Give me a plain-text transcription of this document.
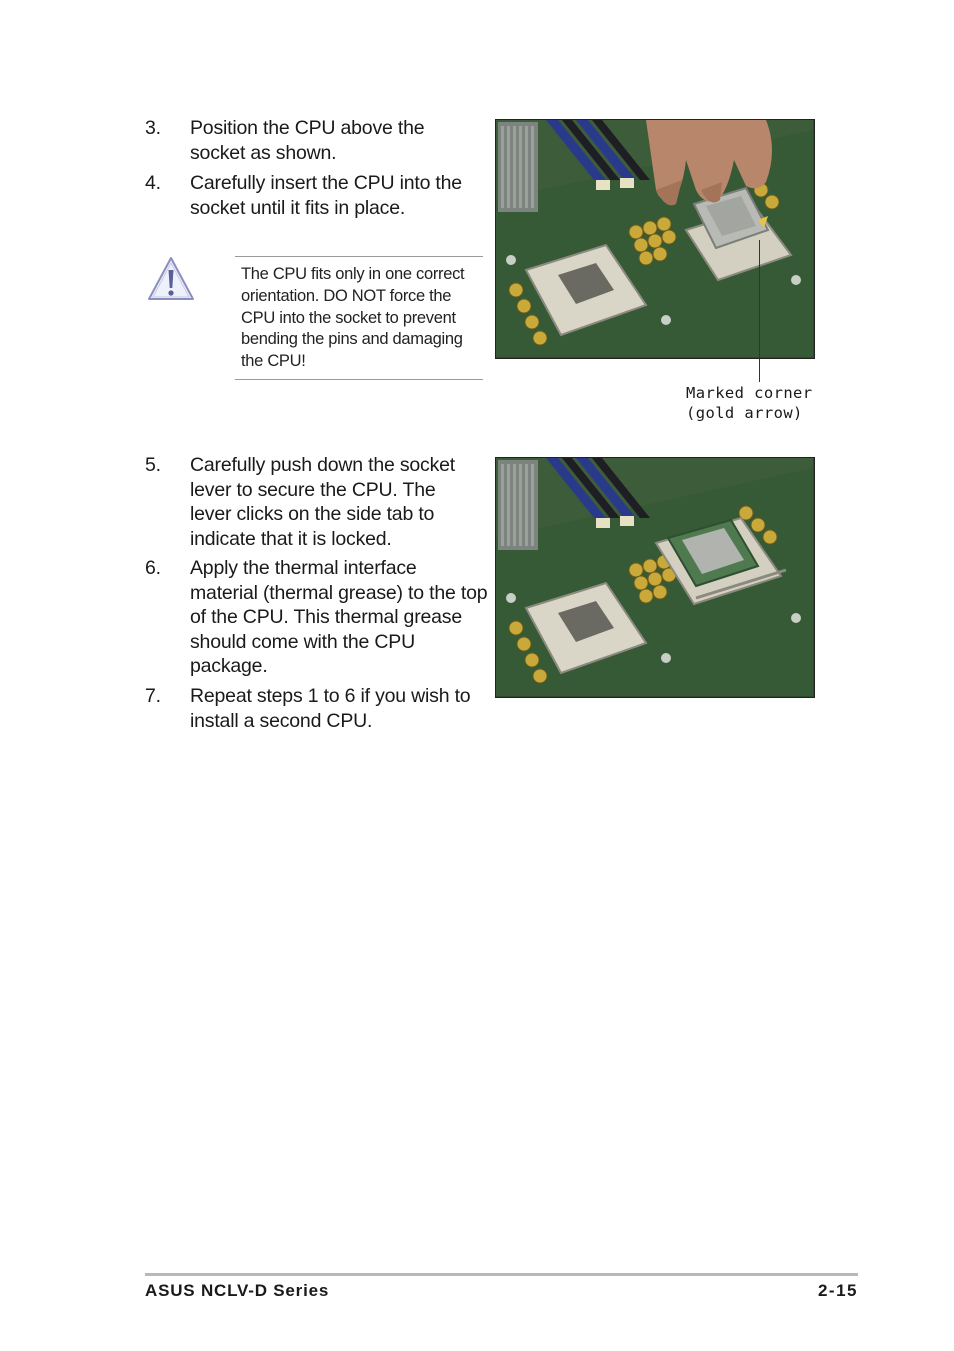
3.	Position the CPU above the socket as shown.
4.	Carefully insert the CPU into the socket until it fits in place.
The CPU fits only in one correct orientation. DO NOT force the CPU into the socket to prevent bending the pins and damaging the CPU!
Marked corner
(gold arrow)
5.	Carefully push down the socket lever to secure the CPU. The lever clicks on the side tab to indicate that it is locked.
6.	Apply the thermal interface material (thermal grease) to the top of the CPU. This thermal grease should come with the CPU package.
7.	Repeat steps 1 to 6 if you wish to install a second CPU.
ASUS NCLV-D Series	2-15
